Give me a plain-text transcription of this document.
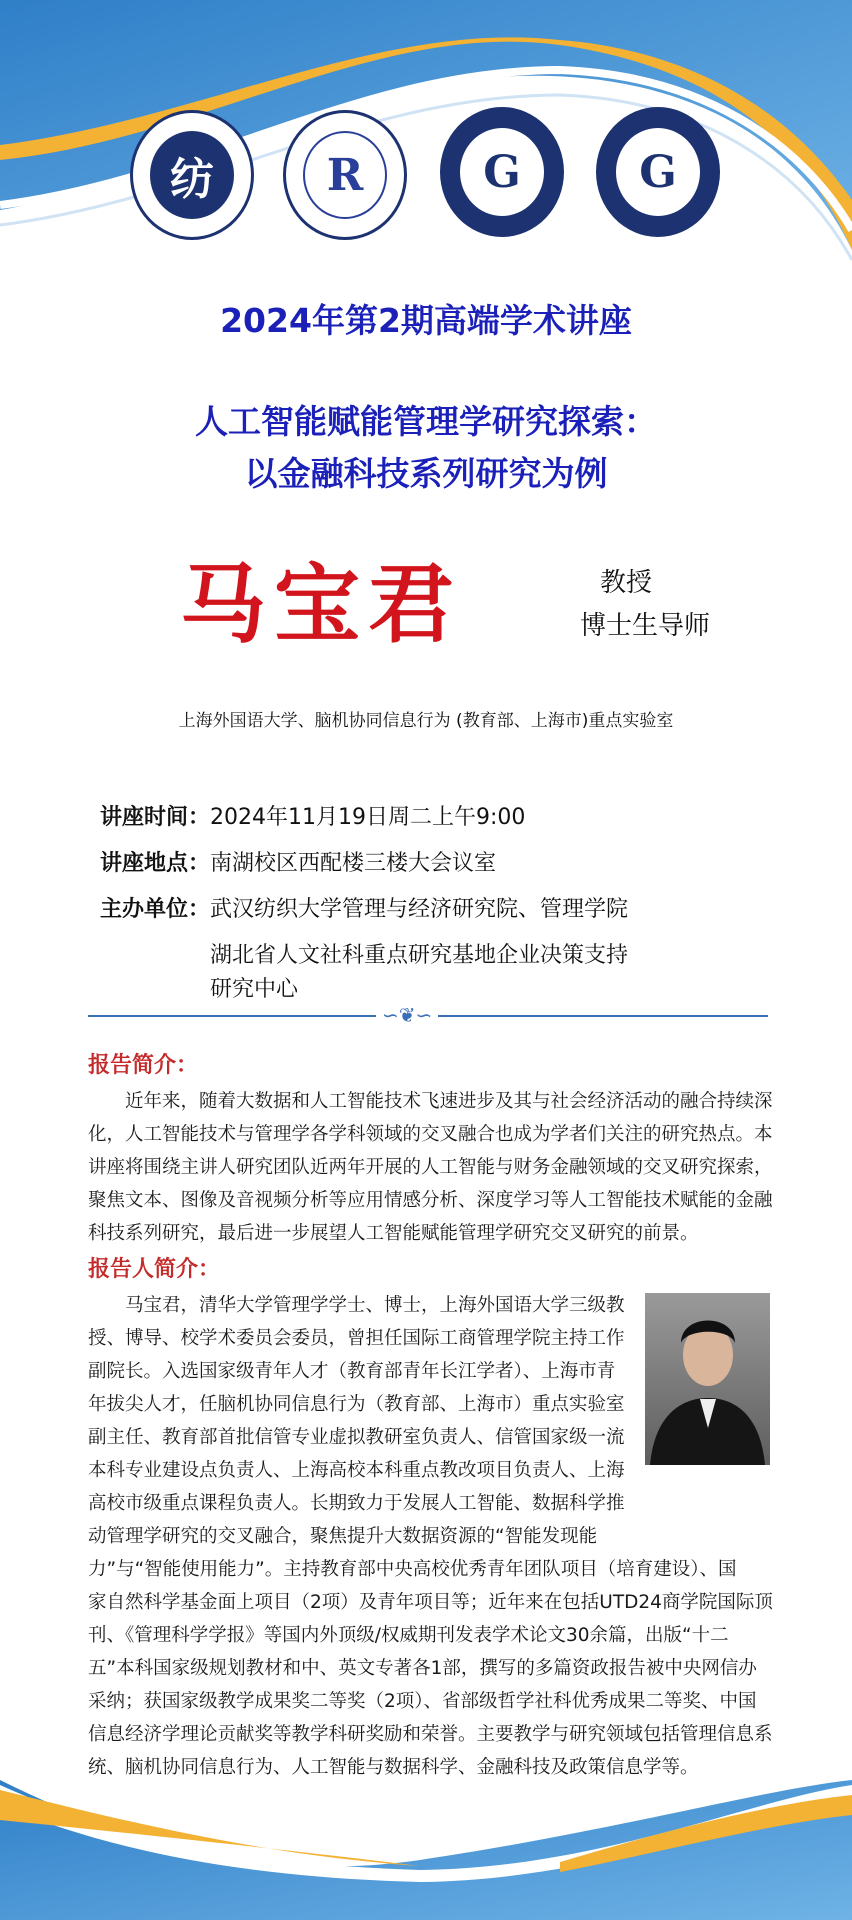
纺	R	G	G
2024年第2期高端学术讲座
人工智能赋能管理学研究探索：
以金融科技系列研究为例
马宝君	教授
博士生导师
上海外国语大学、脑机协同信息行为 (教育部、上海市)重点实验室
讲座时间：2024年11月19日周二上午9:00
讲座地点：南湖校区西配楼三楼大会议室
主办单位：武汉纺织大学管理与经济研究院、管理学院
湖北省人文社科重点研究基地企业决策支持
研究中心
∽❦∽
报告简介：
　　近年来，随着大数据和人工智能技术飞速进步及其与社会经济活动的融合持续深
化，人工智能技术与管理学各学科领域的交叉融合也成为学者们关注的研究热点。本
讲座将围绕主讲人研究团队近两年开展的人工智能与财务金融领域的交叉研究探索，
聚焦文本、图像及音视频分析等应用情感分析、深度学习等人工智能技术赋能的金融
科技系列研究，最后进一步展望人工智能赋能管理学研究交叉研究的前景。
报告人简介：
　　马宝君，清华大学管理学学士、博士，上海外国语大学三级教
授、博导、校学术委员会委员，曾担任国际工商管理学院主持工作
副院长。入选国家级青年人才（教育部青年长江学者）、上海市青
年拔尖人才，任脑机协同信息行为（教育部、上海市）重点实验室
副主任、教育部首批信管专业虚拟教研室负责人、信管国家级一流
本科专业建设点负责人、上海高校本科重点教改项目负责人、上海
高校市级重点课程负责人。长期致力于发展人工智能、数据科学推
动管理学研究的交叉融合，聚焦提升大数据资源的“智能发现能
力”与“智能使用能力”。主持教育部中央高校优秀青年团队项目（培育建设）、国
家自然科学基金面上项目（2项）及青年项目等；近年来在包括UTD24商学院国际顶
刊、《管理科学学报》等国内外顶级/权威期刊发表学术论文30余篇，出版“十二
五”本科国家级规划教材和中、英文专著各1部，撰写的多篇资政报告被中央网信办
采纳；获国家级教学成果奖二等奖（2项）、省部级哲学社科优秀成果二等奖、中国
信息经济学理论贡献奖等教学科研奖励和荣誉。主要教学与研究领域包括管理信息系
统、脑机协同信息行为、人工智能与数据科学、金融科技及政策信息学等。
